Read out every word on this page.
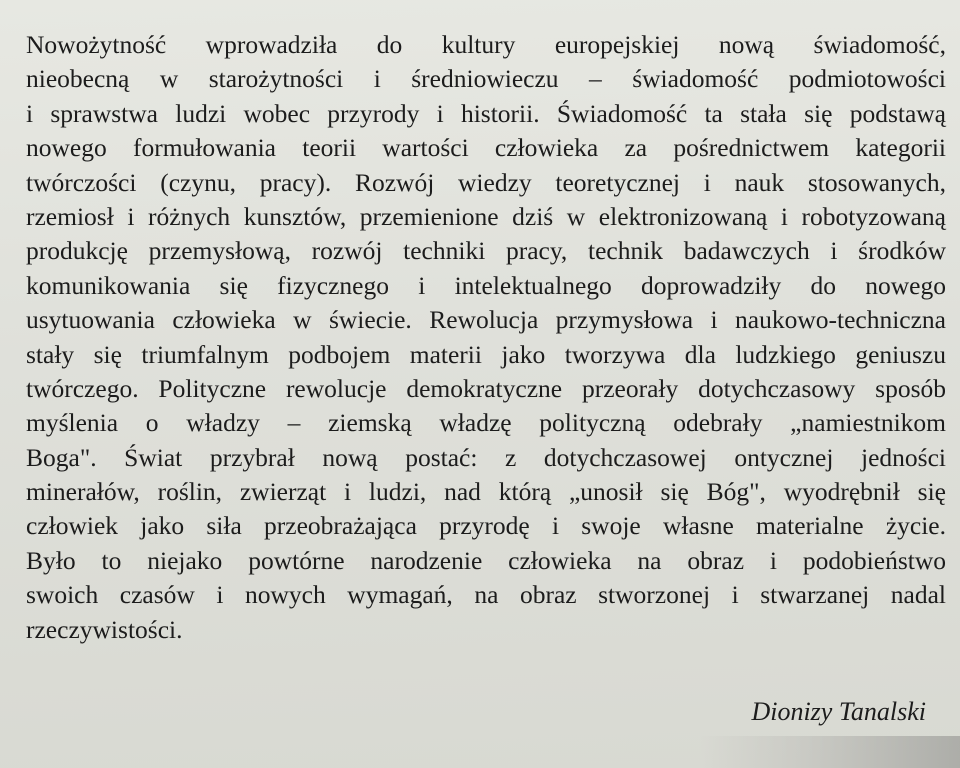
Nowożytność wprowadziła do kultury europejskiej nową świadomość,
nieobecną w starożytności i średniowieczu – świadomość podmiotowości
i sprawstwa ludzi wobec przyrody i historii. Świadomość ta stała się podstawą
nowego formułowania teorii wartości człowieka za pośrednictwem kategorii
twórczości (czynu, pracy). Rozwój wiedzy teoretycznej i nauk stosowanych,
rzemiosł i różnych kunsztów, przemienione dziś w elektronizowaną i robotyzowaną
produkcję przemysłową, rozwój techniki pracy, technik badawczych i środków
komunikowania się fizycznego i intelektualnego doprowadziły do nowego
usytuowania człowieka w świecie. Rewolucja przymysłowa i naukowo-techniczna
stały się triumfalnym podbojem materii jako tworzywa dla ludzkiego geniuszu
twórczego. Polityczne rewolucje demokratyczne przeorały dotychczasowy sposób
myślenia o władzy – ziemską władzę polityczną odebrały „namiestnikom
Boga". Świat przybrał nową postać: z dotychczasowej ontycznej jedności
minerałów, roślin, zwierząt i ludzi, nad którą „unosił się Bóg", wyodrębnił się
człowiek jako siła przeobrażająca przyrodę i swoje własne materialne życie.
Było to niejako powtórne narodzenie człowieka na obraz i podobieństwo
swoich czasów i nowych wymagań, na obraz stworzonej i stwarzanej nadal
rzeczywistości.
Dionizy Tanalski
